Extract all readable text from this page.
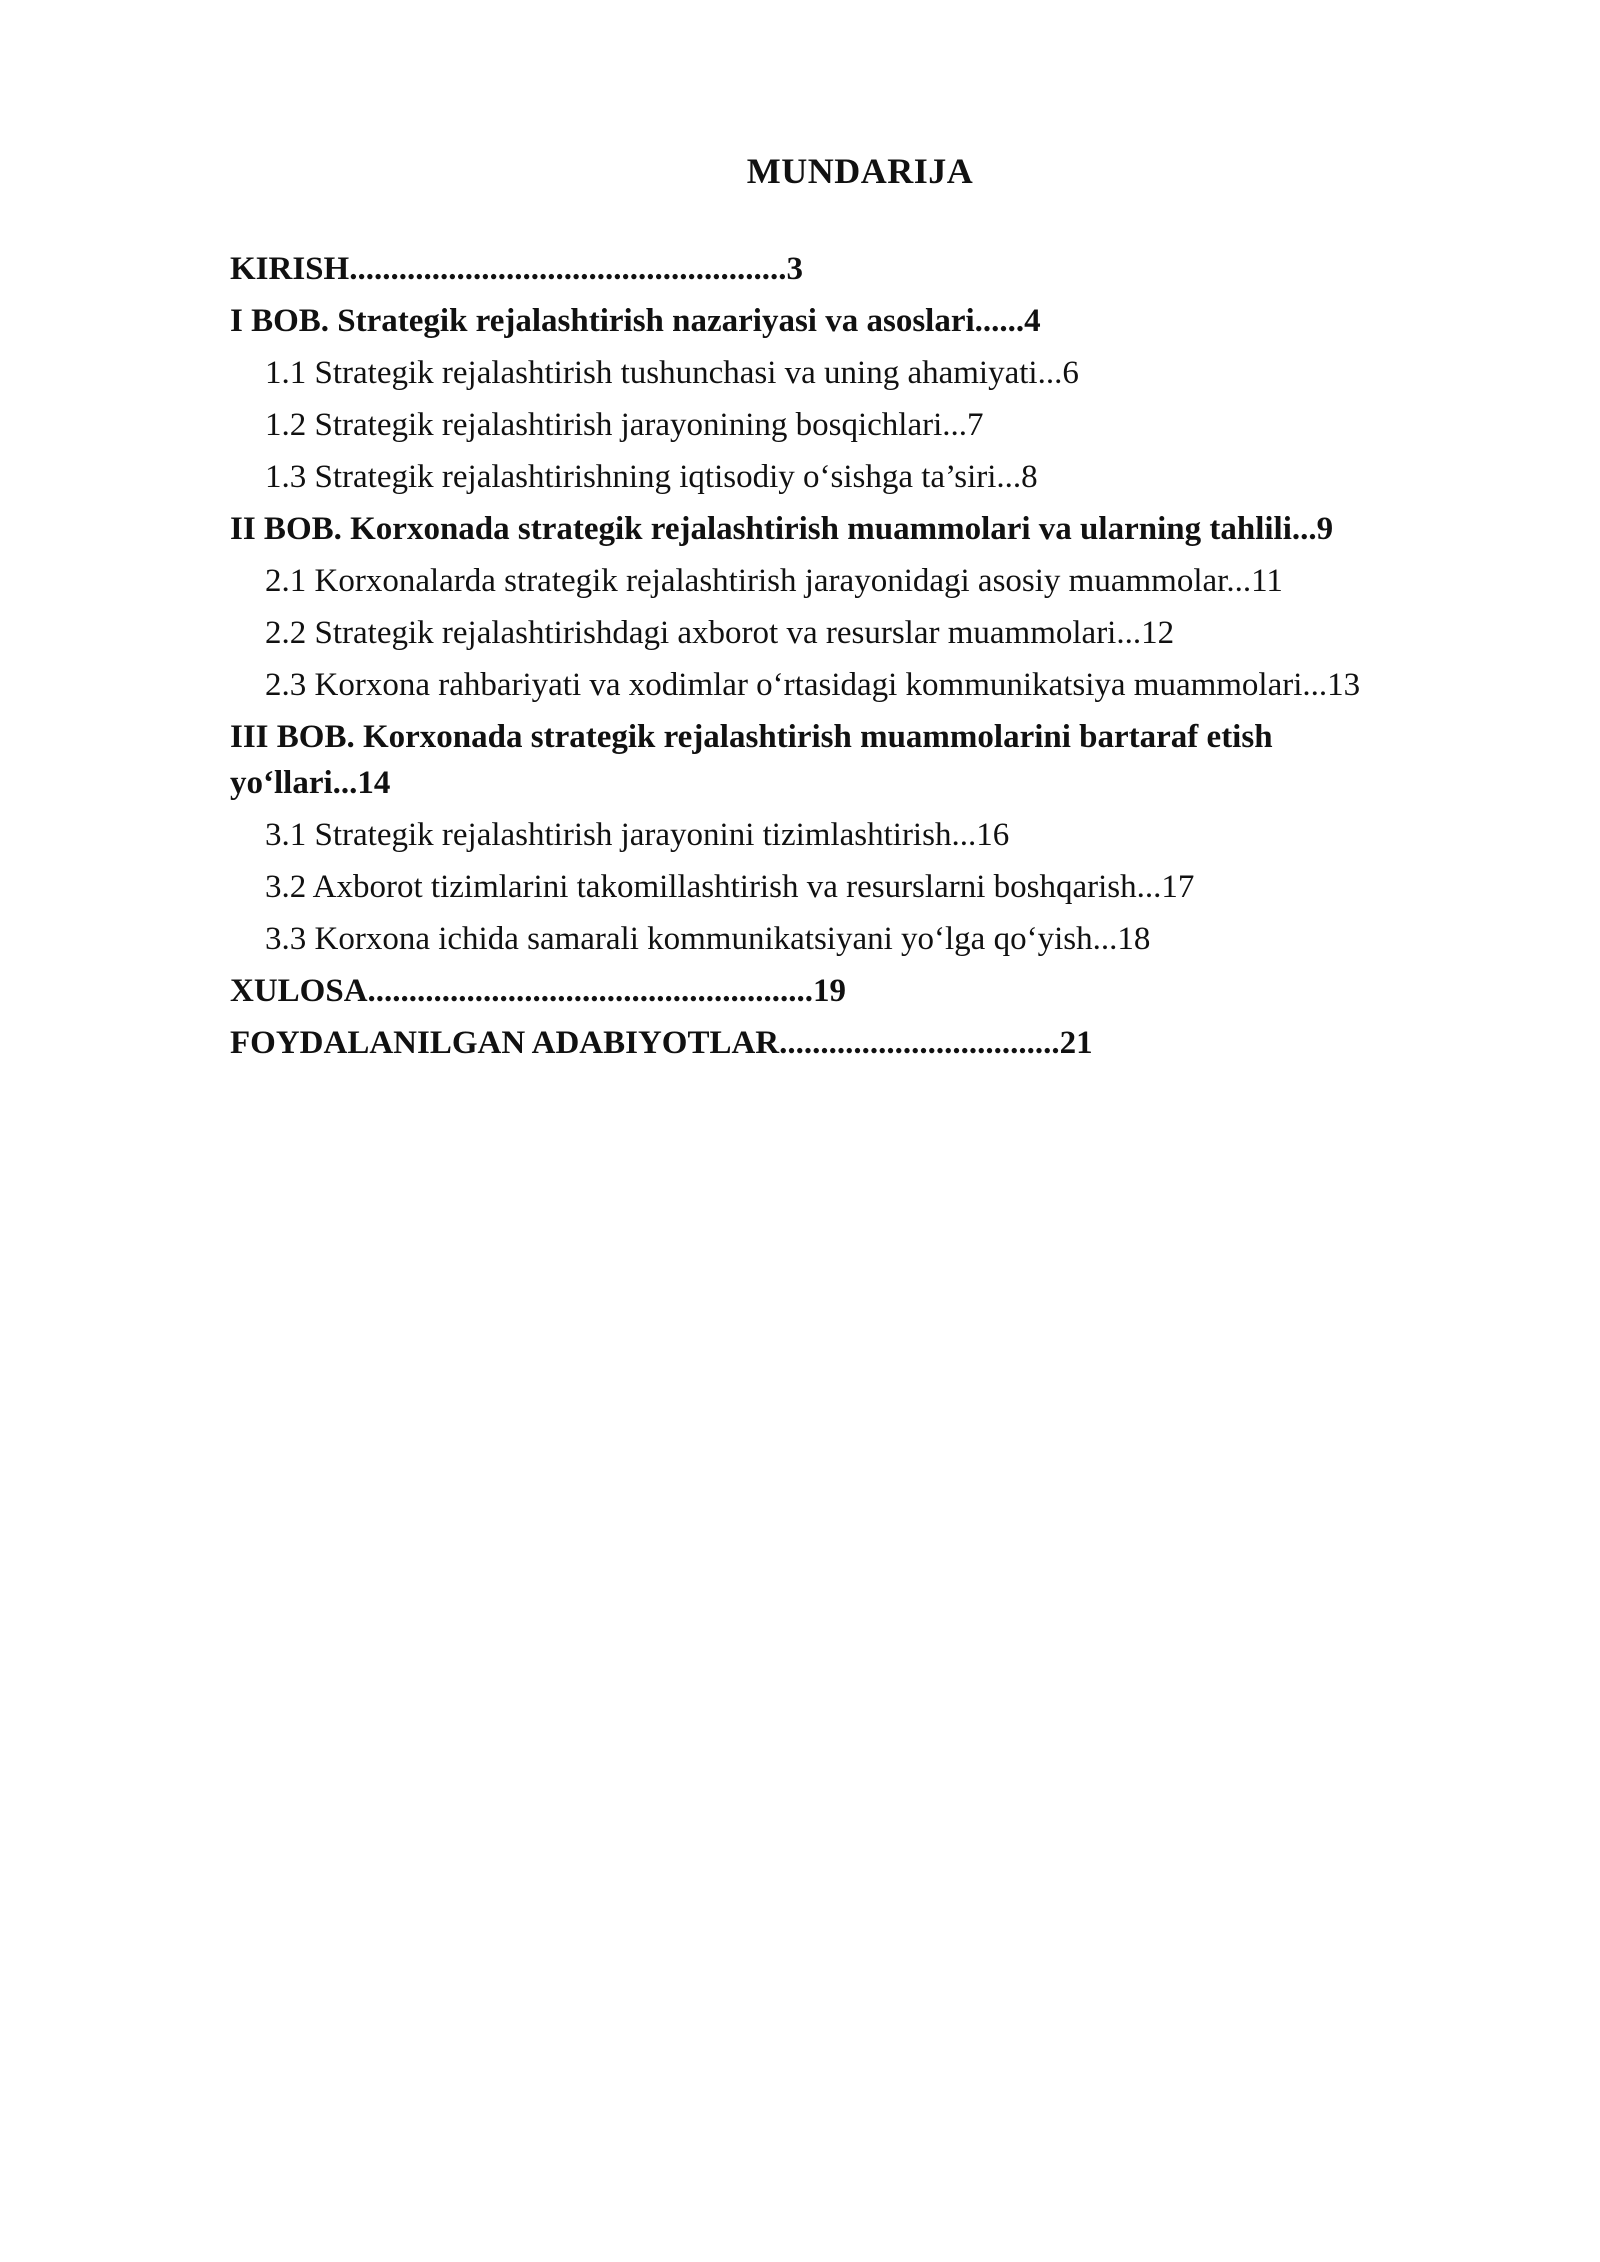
MUNDARIJA
KIRISH.....................................................3
I BOB. Strategik rejalashtirish nazariyasi va asoslari......4
1.1 Strategik rejalashtirish tushunchasi va uning ahamiyati...6
1.2 Strategik rejalashtirish jarayonining bosqichlari...7
1.3 Strategik rejalashtirishning iqtisodiy o‘sishga ta’siri...8
II BOB. Korxonada strategik rejalashtirish muammolari va ularning tahlili...9
2.1 Korxonalarda strategik rejalashtirish jarayonidagi asosiy muammolar...11
2.2 Strategik rejalashtirishdagi axborot va resurslar muammolari...12
2.3 Korxona rahbariyati va xodimlar o‘rtasidagi kommunikatsiya muammolari...13
III BOB. Korxonada strategik rejalashtirish muammolarini bartaraf etish yo‘llari...14
3.1 Strategik rejalashtirish jarayonini tizimlashtirish...16
3.2 Axborot tizimlarini takomillashtirish va resurslarni boshqarish...17
3.3 Korxona ichida samarali kommunikatsiyani yo‘lga qo‘yish...18
XULOSA......................................................19
FOYDALANILGAN ADABIYOTLAR..................................21
